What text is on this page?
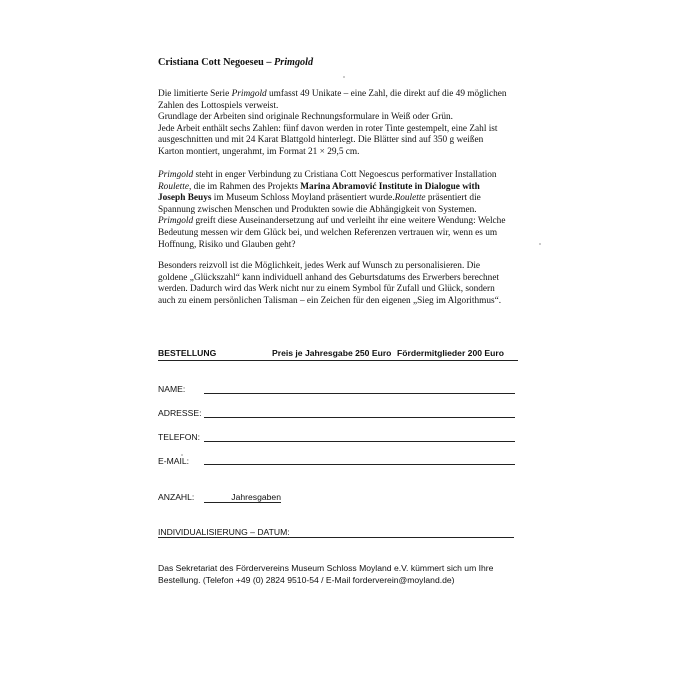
Cristiana Cott Negoeseu – Primgold
Die limitierte Serie Primgold umfasst 49 Unikate – eine Zahl, die direkt auf die 49 möglichen
Zahlen des Lottospiels verweist.
Grundlage der Arbeiten sind originale Rechnungsformulare in Weiß oder Grün.
Jede Arbeit enthält sechs Zahlen: fünf davon werden in roter Tinte gestempelt, eine Zahl ist
ausgeschnitten und mit 24 Karat Blattgold hinterlegt. Die Blätter sind auf 350 g weißen
Karton montiert, ungerahmt, im Format 21 × 29,5 cm.
Primgold steht in enger Verbindung zu Cristiana Cott Negoescus performativer Installation
Roulette, die im Rahmen des Projekts Marina Abramović Institute in Dialogue with
Joseph Beuys im Museum Schloss Moyland präsentiert wurde.Roulette präsentiert die
Spannung zwischen Menschen und Produkten sowie die Abhängigkeit von Systemen.
Primgold greift diese Auseinandersetzung auf und verleiht ihr eine weitere Wendung: Welche
Bedeutung messen wir dem Glück bei, und welchen Referenzen vertrauen wir, wenn es um
Hoffnung, Risiko und Glauben geht?
Besonders reizvoll ist die Möglichkeit, jedes Werk auf Wunsch zu personalisieren. Die
goldene „Glückszahl“ kann individuell anhand des Geburtsdatums des Erwerbers berechnet
werden. Dadurch wird das Werk nicht nur zu einem Symbol für Zufall und Glück, sondern
auch zu einem persönlichen Talisman – ein Zeichen für den eigenen „Sieg im Algorithmus“.
BESTELLUNG	Preis je Jahresgabe 250 Euro Fördermitglieder 200 Euro
NAME:
ADRESSE:
TELEFON:
E-MAIL:
ANZAHL:	Jahresgaben
INDIVIDUALISIERUNG – DATUM:
Das Sekretariat des Fördervereins Museum Schloss Moyland e.V. kümmert sich um Ihre
Bestellung. (Telefon +49 (0) 2824 9510-54 / E-Mail forderverein@moyland.de)
